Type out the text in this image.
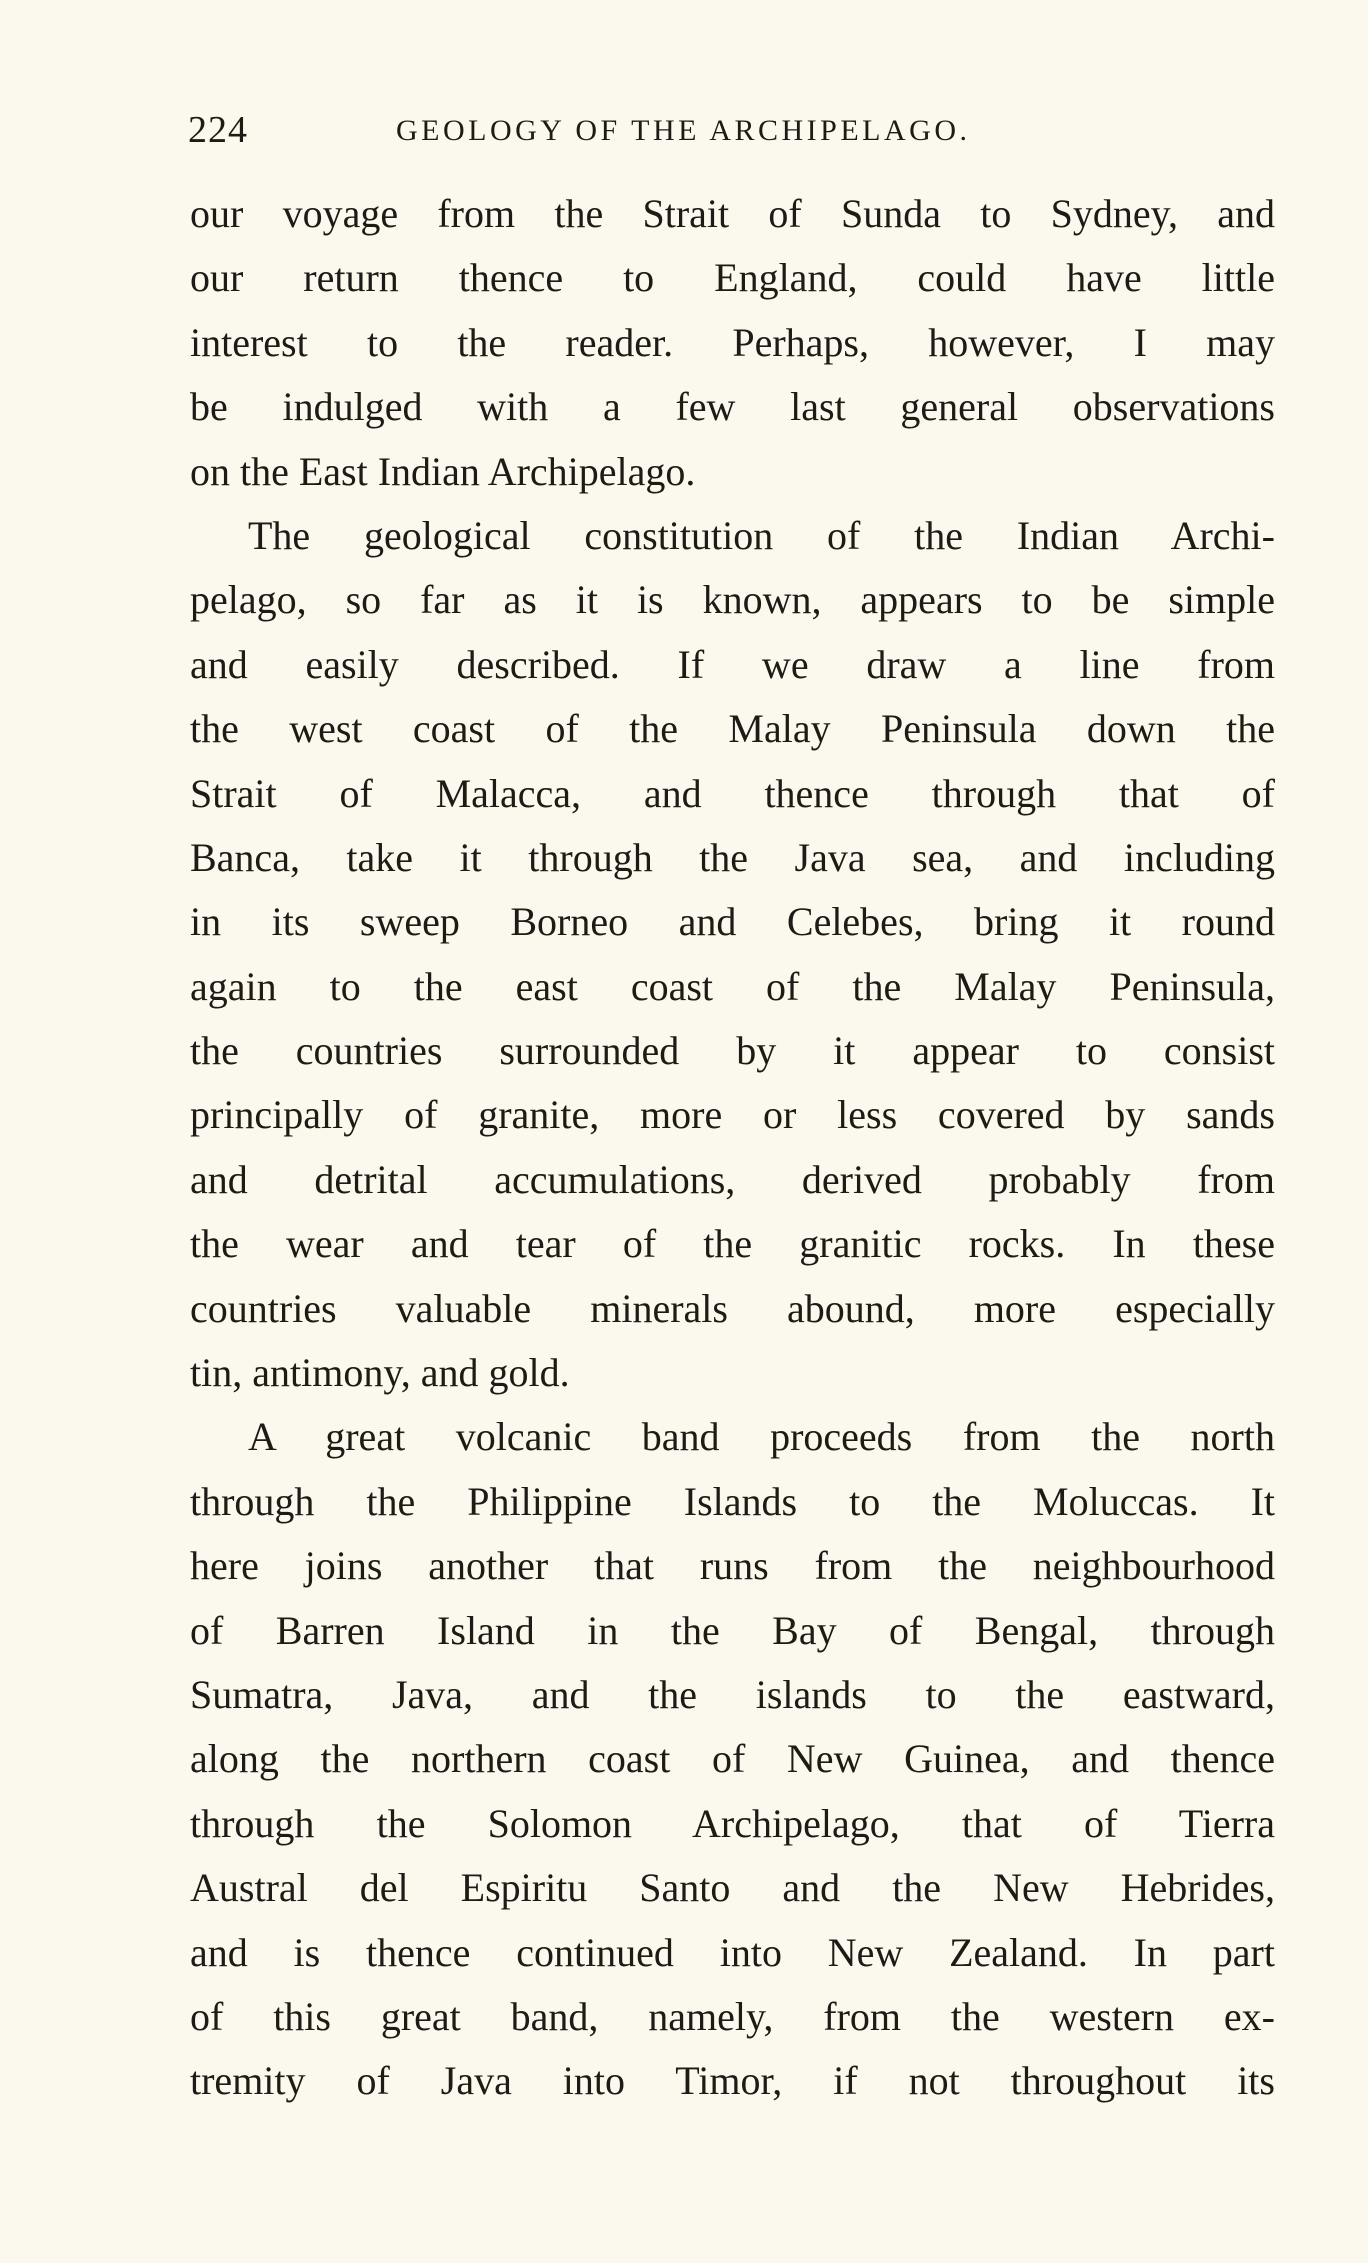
224	GEOLOGY OF THE ARCHIPELAGO.
our voyage from the Strait of Sunda to Sydney, and
our return thence to England, could have little
interest to the reader. Perhaps, however, I may
be indulged with a few last general observations
on the East Indian Archipelago.
The geological constitution of the Indian Archi-
pelago, so far as it is known, appears to be simple
and easily described. If we draw a line from
the west coast of the Malay Peninsula down the
Strait of Malacca, and thence through that of
Banca, take it through the Java sea, and including
in its sweep Borneo and Celebes, bring it round
again to the east coast of the Malay Peninsula,
the countries surrounded by it appear to consist
principally of granite, more or less covered by sands
and detrital accumulations, derived probably from
the wear and tear of the granitic rocks. In these
countries valuable minerals abound, more especially
tin, antimony, and gold.
A great volcanic band proceeds from the north
through the Philippine Islands to the Moluccas. It
here joins another that runs from the neighbourhood
of Barren Island in the Bay of Bengal, through
Sumatra, Java, and the islands to the eastward,
along the northern coast of New Guinea, and thence
through the Solomon Archipelago, that of Tierra
Austral del Espiritu Santo and the New Hebrides,
and is thence continued into New Zealand. In part
of this great band, namely, from the western ex-
tremity of Java into Timor, if not throughout its
